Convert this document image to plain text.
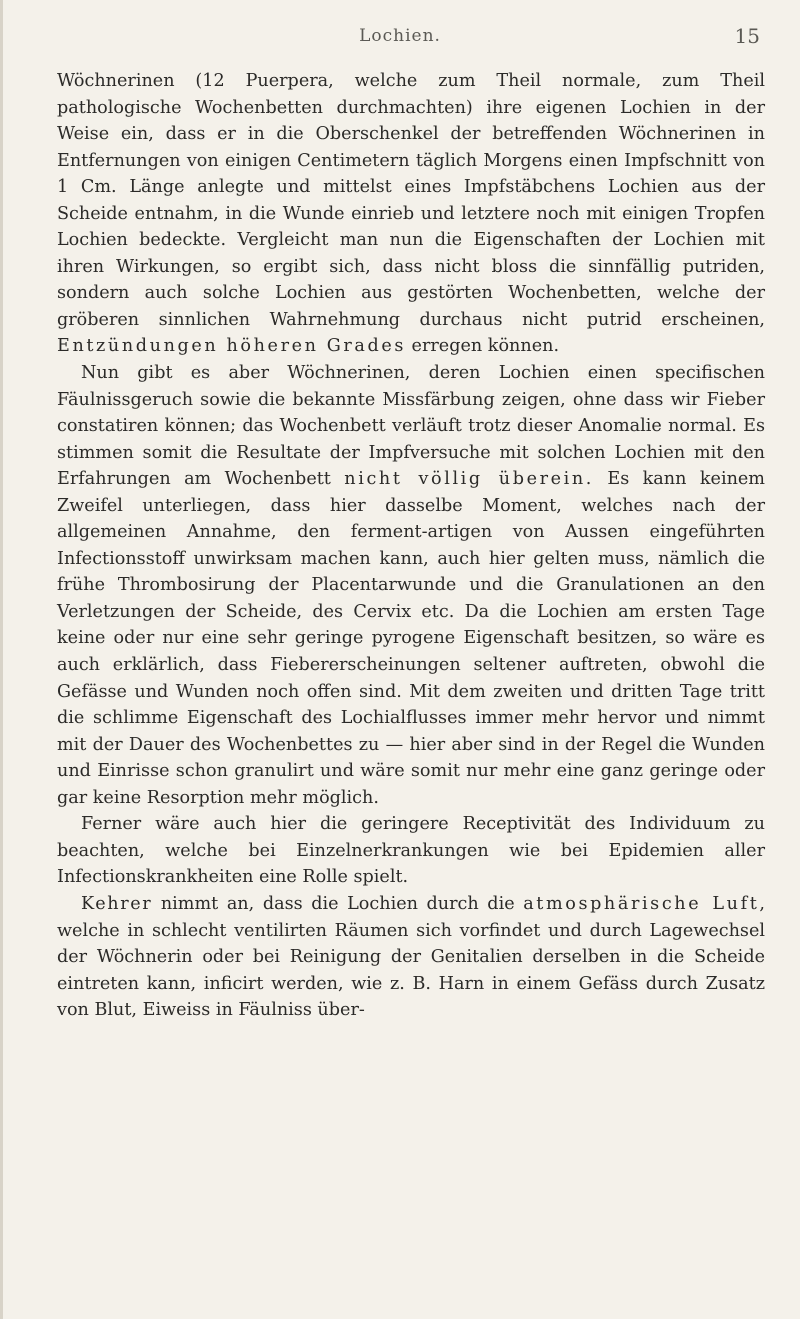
Lochien.	15

Wöchnerinen (12 Puerpera, welche zum Theil normale, zum Theil pathologische Wochenbetten durchmachten) ihre eigenen Lochien in der Weise ein, dass er in die Oberschenkel der betreffenden Wöchnerinen in Entfernungen von einigen Centimetern täglich Morgens einen Impfschnitt von 1 Cm. Länge anlegte und mittelst eines Impfstäbchens Lochien aus der Scheide entnahm, in die Wunde einrieb und letztere noch mit einigen Tropfen Lochien bedeckte. Vergleicht man nun die Eigenschaften der Lochien mit ihren Wirkungen, so ergibt sich, dass nicht bloss die sinnfällig putriden, sondern auch solche Lochien aus gestörten Wochenbetten, welche der gröberen sinnlichen Wahrnehmung durchaus nicht putrid erscheinen, Entzündungen höheren Grades erregen können.

Nun gibt es aber Wöchnerinen, deren Lochien einen specifischen Fäulnissgeruch sowie die bekannte Missfärbung zeigen, ohne dass wir Fieber constatiren können; das Wochenbett verläuft trotz dieser Anomalie normal. Es stimmen somit die Resultate der Impfversuche mit solchen Lochien mit den Erfahrungen am Wochenbett nicht völlig überein. Es kann keinem Zweifel unterliegen, dass hier dasselbe Moment, welches nach der allgemeinen Annahme, den ferment-artigen von Aussen eingeführten Infectionsstoff unwirksam machen kann, auch hier gelten muss, nämlich die frühe Thrombosirung der Placentarwunde und die Granulationen an den Verletzungen der Scheide, des Cervix etc. Da die Lochien am ersten Tage keine oder nur eine sehr geringe pyrogene Eigenschaft besitzen, so wäre es auch erklärlich, dass Fiebererscheinungen seltener auftreten, obwohl die Gefässe und Wunden noch offen sind. Mit dem zweiten und dritten Tage tritt die schlimme Eigenschaft des Lochialflusses immer mehr hervor und nimmt mit der Dauer des Wochenbettes zu — hier aber sind in der Regel die Wunden und Einrisse schon granulirt und wäre somit nur mehr eine ganz geringe oder gar keine Resorption mehr möglich.

Ferner wäre auch hier die geringere Receptivität des Individuum zu beachten, welche bei Einzelnerkrankungen wie bei Epidemien aller Infectionskrankheiten eine Rolle spielt.

Kehrer nimmt an, dass die Lochien durch die atmosphärische Luft, welche in schlecht ventilirten Räumen sich vorfindet und durch Lagewechsel der Wöchnerin oder bei Reinigung der Genitalien derselben in die Scheide eintreten kann, inficirt werden, wie z. B. Harn in einem Gefäss durch Zusatz von Blut, Eiweiss in Fäulniss über-
